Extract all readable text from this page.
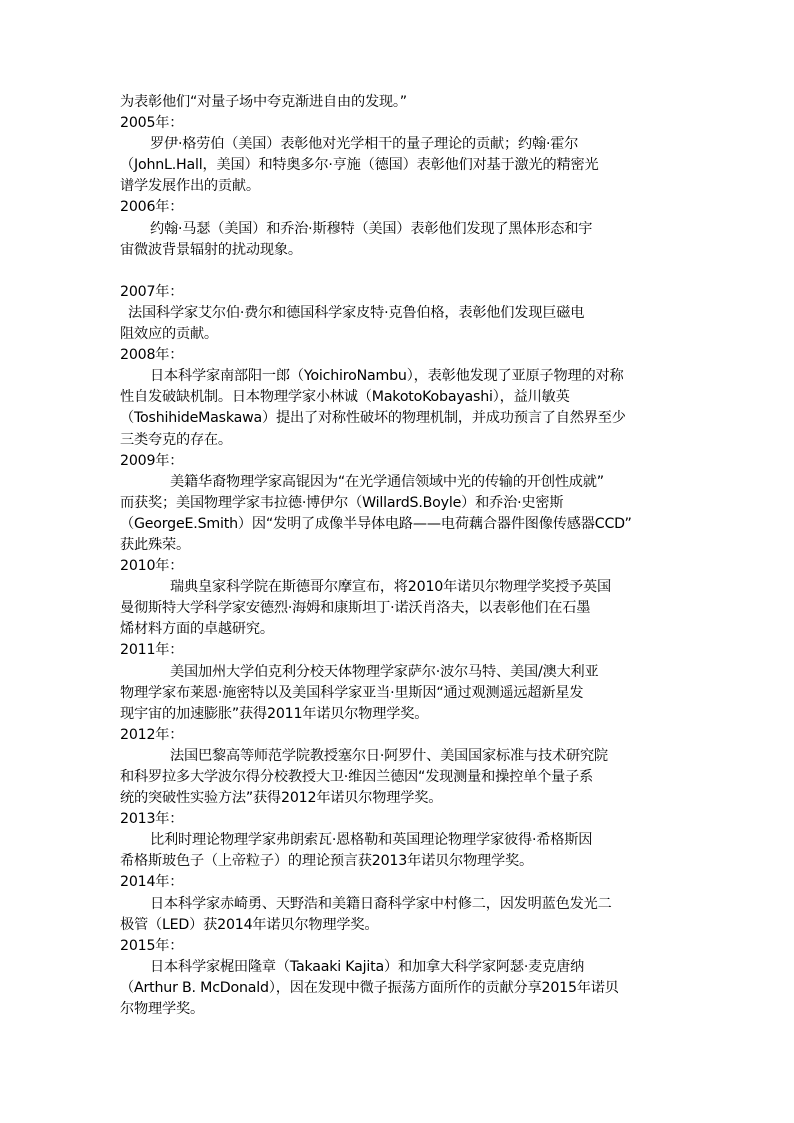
为表彰他们“对量子场中夸克渐进自由的发现。”
2005年：
罗伊·格劳伯（美国）表彰他对光学相干的量子理论的贡献；约翰·霍尔
（JohnL.Hall，美国）和特奥多尔·亨施（德国）表彰他们对基于激光的精密光
谱学发展作出的贡献。
2006年：
约翰·马瑟（美国）和乔治·斯穆特（美国）表彰他们发现了黑体形态和宇
宙微波背景辐射的扰动现象。
2007年：
法国科学家艾尔伯·费尔和德国科学家皮特·克鲁伯格，表彰他们发现巨磁电
阻效应的贡献。
2008年：
日本科学家南部阳一郎（YoichiroNambu），表彰他发现了亚原子物理的对称
性自发破缺机制。日本物理学家小林诚（MakotoKobayashi），益川敏英
（ToshihideMaskawa）提出了对称性破坏的物理机制，并成功预言了自然界至少
三类夸克的存在。
2009年：
美籍华裔物理学家高锟因为“在光学通信领域中光的传输的开创性成就”
而获奖；美国物理学家韦拉德·博伊尔（WillardS.Boyle）和乔治·史密斯
（GeorgeE.Smith）因“发明了成像半导体电路——电荷藕合器件图像传感器CCD”
获此殊荣。
2010年：
瑞典皇家科学院在斯德哥尔摩宣布，将2010年诺贝尔物理学奖授予英国
曼彻斯特大学科学家安德烈·海姆和康斯坦丁·诺沃肖洛夫，以表彰他们在石墨
烯材料方面的卓越研究。
2011年：
美国加州大学伯克利分校天体物理学家萨尔·波尔马特、美国/澳大利亚
物理学家布莱恩·施密特以及美国科学家亚当·里斯因“通过观测遥远超新星发
现宇宙的加速膨胀”获得2011年诺贝尔物理学奖。
2012年：
法国巴黎高等师范学院教授塞尔日·阿罗什、美国国家标准与技术研究院
和科罗拉多大学波尔得分校教授大卫·维因兰德因“发现测量和操控单个量子系
统的突破性实验方法”获得2012年诺贝尔物理学奖。
2013年：
比利时理论物理学家弗朗索瓦·恩格勒和英国理论物理学家彼得·希格斯因
希格斯玻色子（上帝粒子）的理论预言获2013年诺贝尔物理学奖。
2014年：
日本科学家赤崎勇、天野浩和美籍日裔科学家中村修二，因发明蓝色发光二
极管（LED）获2014年诺贝尔物理学奖。
2015年：
日本科学家梶田隆章（Takaaki Kajita）和加拿大科学家阿瑟·麦克唐纳
（Arthur B. McDonald），因在发现中微子振荡方面所作的贡献分享2015年诺贝
尔物理学奖。
